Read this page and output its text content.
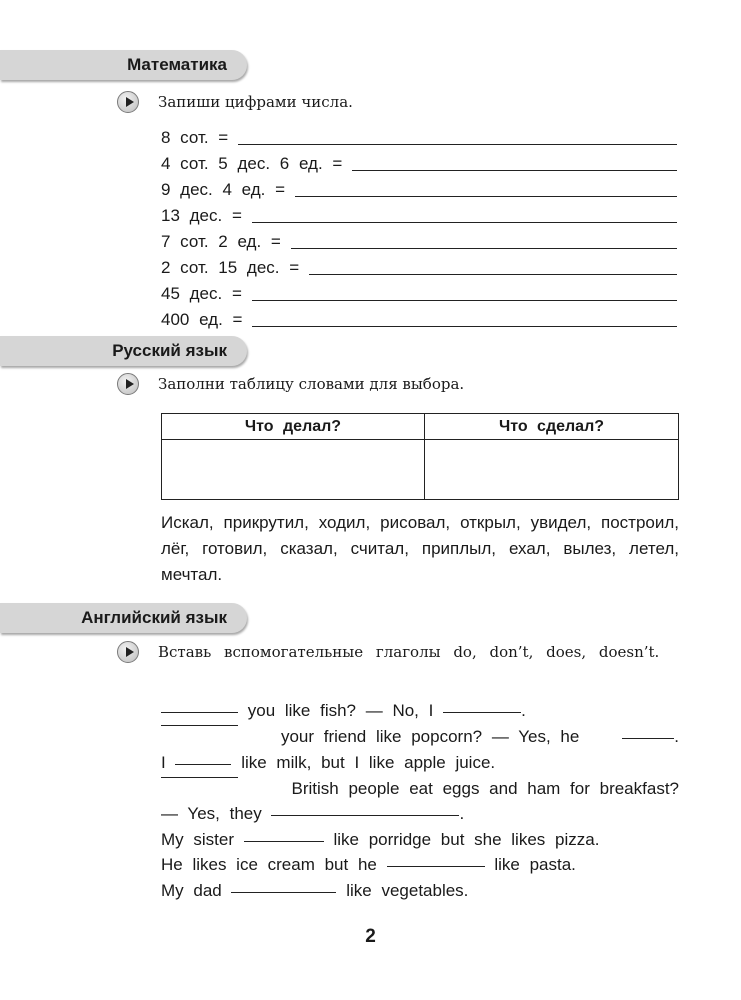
Математика
Запиши цифрами числа.
8 сот. =
4 сот. 5 дес. 6 ед. =
9 дес. 4 ед. =
13 дес. =
7 сот. 2 ед. =
2 сот. 15 дес. =
45 дес. =
400 ед. =
Русский язык
Заполни таблицу словами для выбора.
Что делал?	Что сделал?
Искал, прикрутил, ходил, рисовал, открыл, увидел, построил, лёг, готовил, сказал, считал, приплыл, ехал, вылез, летел, мечтал.
Английский язык
Вставь вспомогательные глаголы do, don’t, does, doesn’t.
you like fish? — No, I	.
your friend like popcorn? — Yes, he	.
I	like milk, but I like apple juice.
British people eat eggs and ham for breakfast?
— Yes, they	.
My sister	like porridge but she likes pizza.
He likes ice cream but he	like pasta.
My dad	like vegetables.
2
